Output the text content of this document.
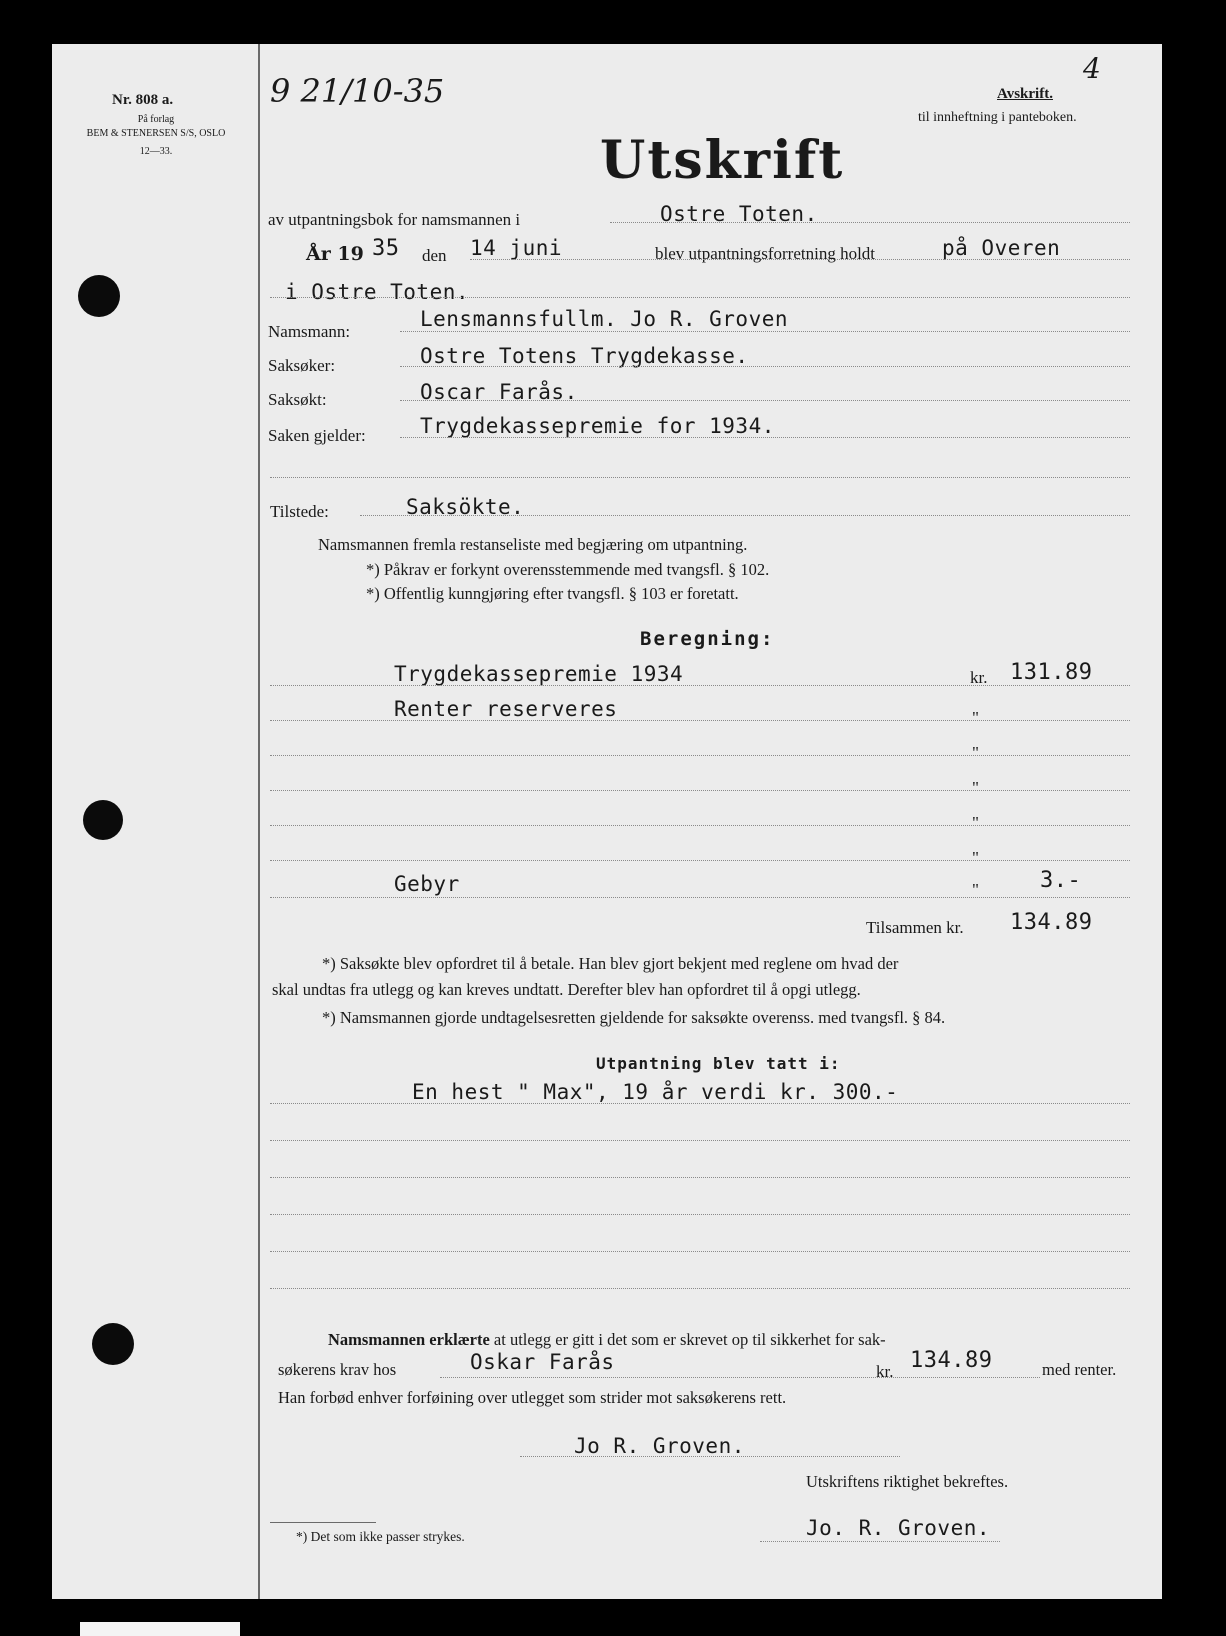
Nr. 808 a.
På forlag
BEM & STENERSEN S/S, OSLO
12—33.
9 21/10-35
4
Avskrift.
til innheftning i panteboken.
Utskrift
av utpantningsbok for namsmannen i	Ostre Toten.
År 19 35 den 14 juni	blev utpantningsforretning holdt	på Overen
i Ostre Toten.
Namsmann:
Lensmannsfullm. Jo R. Groven
Saksøker:	Ostre Totens Trygdekasse.
Saksøkt:	Oscar Farås.
Saken gjelder:	Trygdekassepremie for 1934.
Tilstede:	Saksökte.
Namsmannen fremla restanseliste med begjæring om utpantning.
*) Påkrav er forkynt overensstemmende med tvangsfl. § 102.
*) Offentlig kunngjøring efter tvangsfl. § 103 er foretatt.
Beregning:
Trygdekassepremie 1934	kr. 131.89
Renter reserveres	"
"
"
"
"
Gebyr	"	3.-
Tilsammen kr. 134.89
*) Saksøkte blev opfordret til å betale. Han blev gjort bekjent med reglene om hvad der
skal undtas fra utlegg og kan kreves undtatt. Derefter blev han opfordret til å opgi utlegg.
*) Namsmannen gjorde undtagelsesretten gjeldende for saksøkte overenss. med tvangsfl. § 84.
Utpantning blev tatt i:
En hest " Max", 19 år verdi kr. 300.-
Namsmannen erklærte at utlegg er gitt i det som er skrevet op til sikkerhet for sak-
søkerens krav hos	Oskar Farås	kr. 134.89	med renter.
Han forbød enhver forføining over utlegget som strider mot saksøkerens rett.
Jo R. Groven.
Utskriftens riktighet bekreftes.
Jo. R. Groven.
*) Det som ikke passer strykes.
